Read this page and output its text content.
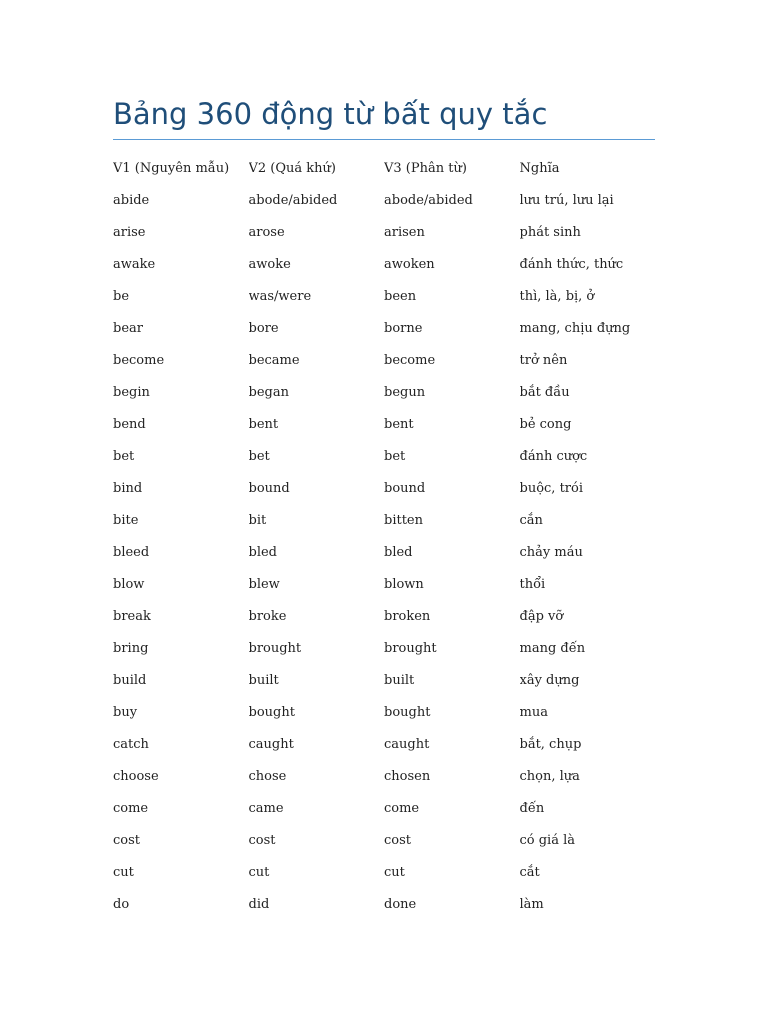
Bảng 360 động từ bất quy tắc
V1 (Nguyên mẫu)	V2 (Quá khứ)	V3 (Phân từ)	Nghĩa
abide	abode/abided	abode/abided	lưu trú, lưu lại
arise	arose	arisen	phát sinh
awake	awoke	awoken	đánh thức, thức
be	was/were	been	thì, là, bị, ở
bear	bore	borne	mang, chịu đựng
become	became	become	trở nên
begin	began	begun	bắt đầu
bend	bent	bent	bẻ cong
bet	bet	bet	đánh cược
bind	bound	bound	buộc, trói
bite	bit	bitten	cắn
bleed	bled	bled	chảy máu
blow	blew	blown	thổi
break	broke	broken	đập vỡ
bring	brought	brought	mang đến
build	built	built	xây dựng
buy	bought	bought	mua
catch	caught	caught	bắt, chụp
choose	chose	chosen	chọn, lựa
come	came	come	đến
cost	cost	cost	có giá là
cut	cut	cut	cắt
do	did	done	làm
